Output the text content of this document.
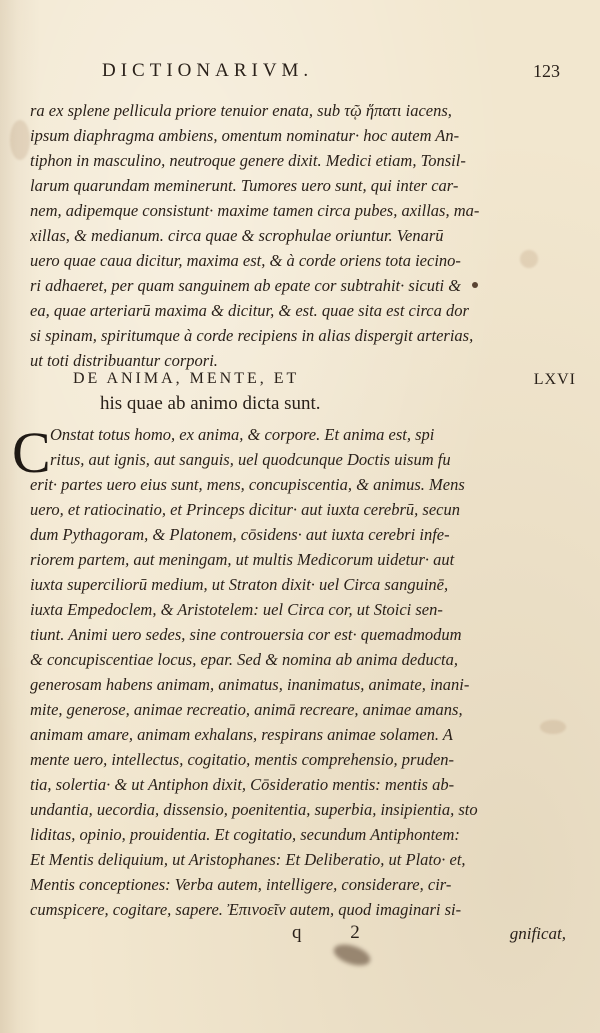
DICTIONARIVM.	123
ra ex splene pellicula priore tenuior enata, sub τῷ ἥπατι iacens,
ipsum diaphragma ambiens, omentum nominatur· hoc autem An-
tiphon in masculino, neutroque genere dixit. Medici etiam, Tonsil-
larum quarundam meminerunt. Tumores uero sunt, qui inter car-
nem, adipemque consistunt· maxime tamen circa pubes, axillas, ma-
xillas, & medianum. circa quae & scrophulae oriuntur. Venarū
uero quae caua dicitur, maxima est, & à corde oriens tota iecino-
ri adhaeret, per quam sanguinem ab epate cor subtrahit· sicuti &
ea, quae arteriarū maxima & dicitur, & est. quae sita est circa dor
si spinam, spiritumque à corde recipiens in alias dispergit arterias,
ut toti distribuantur corpori.
Onstat totus homo, ex anima, & corpore. Et anima est, spi
ritus, aut ignis, aut sanguis, uel quodcunque Doctis uisum fu
erit· partes uero eius sunt, mens, concupiscentia, & animus. Mens
uero, et ratiocinatio, et Princeps dicitur· aut iuxta cerebrū, secun
dum Pythagoram, & Platonem, cōsidens· aut iuxta cerebri infe-
riorem partem, aut meningam, ut multis Medicorum uidetur· aut
iuxta superciliorū medium, ut Straton dixit· uel Circa sanguinē,
iuxta Empedoclem, & Aristotelem: uel Circa cor, ut Stoici sen-
tiunt. Animi uero sedes, sine controuersia cor est· quemadmodum
& concupiscentiae locus, epar. Sed & nomina ab anima deducta,
generosam habens animam, animatus, inanimatus, animate, inani-
mite, generose, animae recreatio, animā recreare, animae amans,
animam amare, animam exhalans, respirans animae solamen. A
mente uero, intellectus, cogitatio, mentis comprehensio, pruden-
tia, solertia· & ut Antiphon dixit, Cōsideratio mentis: mentis ab-
undantia, uecordia, dissensio, poenitentia, superbia, insipientia, sto
liditas, opinio, prouidentia. Et cogitatio, secundum Antiphontem:
Et Mentis deliquium, ut Aristophanes: Et Deliberatio, ut Plato· et,
Mentis conceptiones: Verba autem, intelligere, considerare, cir-
cumspicere, cogitare, sapere. Ἐπινοεῖν autem, quod imaginari si-
DE ANIMA, MENTE, ET	LXVI
his quae ab animo dicta sunt.
C
q 2	gnificat,
